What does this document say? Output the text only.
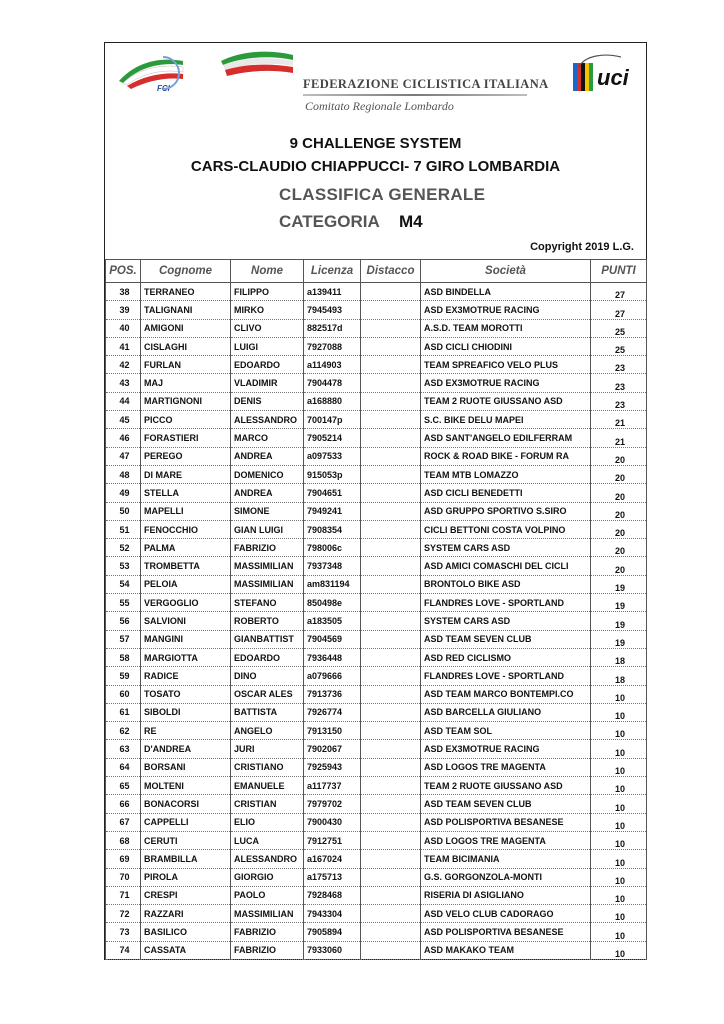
FCI	FEDERAZIONE CICLISTICA ITALIANA
Comitato Regionale Lombardo
uci
9 CHALLENGE SYSTEM
CARS-CLAUDIO CHIAPPUCCI- 7 GIRO LOMBARDIA
CLASSIFICA GENERALE
CATEGORIA M4
Copyright 2019 L.G.
POS.	Cognome	Nome	Licenza	Distacco	Società	PUNTI
38	TERRANEO	FILIPPO	a139411		ASD BINDELLA	27
39	TALIGNANI	MIRKO	7945493		ASD EX3MOTRUE RACING	27
40	AMIGONI	CLIVO	882517d		A.S.D. TEAM MOROTTI	25
41	CISLAGHI	LUIGI	7927088		ASD CICLI CHIODINI	25
42	FURLAN	EDOARDO	a114903		TEAM SPREAFICO VELO PLUS	23
43	MAJ	VLADIMIR	7904478		ASD EX3MOTRUE RACING	23
44	MARTIGNONI	DENIS	a168880		TEAM 2 RUOTE GIUSSANO ASD	23
45	PICCO	ALESSANDRO	700147p		S.C. BIKE DELU MAPEI	21
46	FORASTIERI	MARCO	7905214		ASD SANT'ANGELO EDILFERRAM	21
47	PEREGO	ANDREA	a097533		ROCK & ROAD BIKE - FORUM RA	20
48	DI MARE	DOMENICO	915053p		TEAM MTB LOMAZZO	20
49	STELLA	ANDREA	7904651		ASD CICLI BENEDETTI	20
50	MAPELLI	SIMONE	7949241		ASD GRUPPO SPORTIVO S.SIRO	20
51	FENOCCHIO	GIAN LUIGI	7908354		CICLI BETTONI COSTA VOLPINO	20
52	PALMA	FABRIZIO	798006c		SYSTEM CARS ASD	20
53	TROMBETTA	MASSIMILIAN	7937348		ASD AMICI COMASCHI DEL CICLI	20
54	PELOIA	MASSIMILIAN	am831194		BRONTOLO BIKE ASD	19
55	VERGOGLIO	STEFANO	850498e		FLANDRES LOVE - SPORTLAND	19
56	SALVIONI	ROBERTO	a183505		SYSTEM CARS ASD	19
57	MANGINI	GIANBATTIST	7904569		ASD TEAM SEVEN CLUB	19
58	MARGIOTTA	EDOARDO	7936448		ASD RED CICLISMO	18
59	RADICE	DINO	a079666		FLANDRES LOVE - SPORTLAND	18
60	TOSATO	OSCAR ALES	7913736		ASD TEAM MARCO BONTEMPI.CO	10
61	SIBOLDI	BATTISTA	7926774		ASD BARCELLA GIULIANO	10
62	RE	ANGELO	7913150		ASD TEAM SOL	10
63	D'ANDREA	JURI	7902067		ASD EX3MOTRUE RACING	10
64	BORSANI	CRISTIANO	7925943		ASD LOGOS TRE MAGENTA	10
65	MOLTENI	EMANUELE	a117737		TEAM 2 RUOTE GIUSSANO ASD	10
66	BONACORSI	CRISTIAN	7979702		ASD TEAM SEVEN CLUB	10
67	CAPPELLI	ELIO	7900430		ASD POLISPORTIVA BESANESE	10
68	CERUTI	LUCA	7912751		ASD LOGOS TRE MAGENTA	10
69	BRAMBILLA	ALESSANDRO	a167024		TEAM BICIMANIA	10
70	PIROLA	GIORGIO	a175713		G.S. GORGONZOLA-MONTI	10
71	CRESPI	PAOLO	7928468		RISERIA DI ASIGLIANO	10
72	RAZZARI	MASSIMILIAN	7943304		ASD VELO CLUB CADORAGO	10
73	BASILICO	FABRIZIO	7905894		ASD POLISPORTIVA BESANESE	10
74	CASSATA	FABRIZIO	7933060		ASD MAKAKO TEAM	10
